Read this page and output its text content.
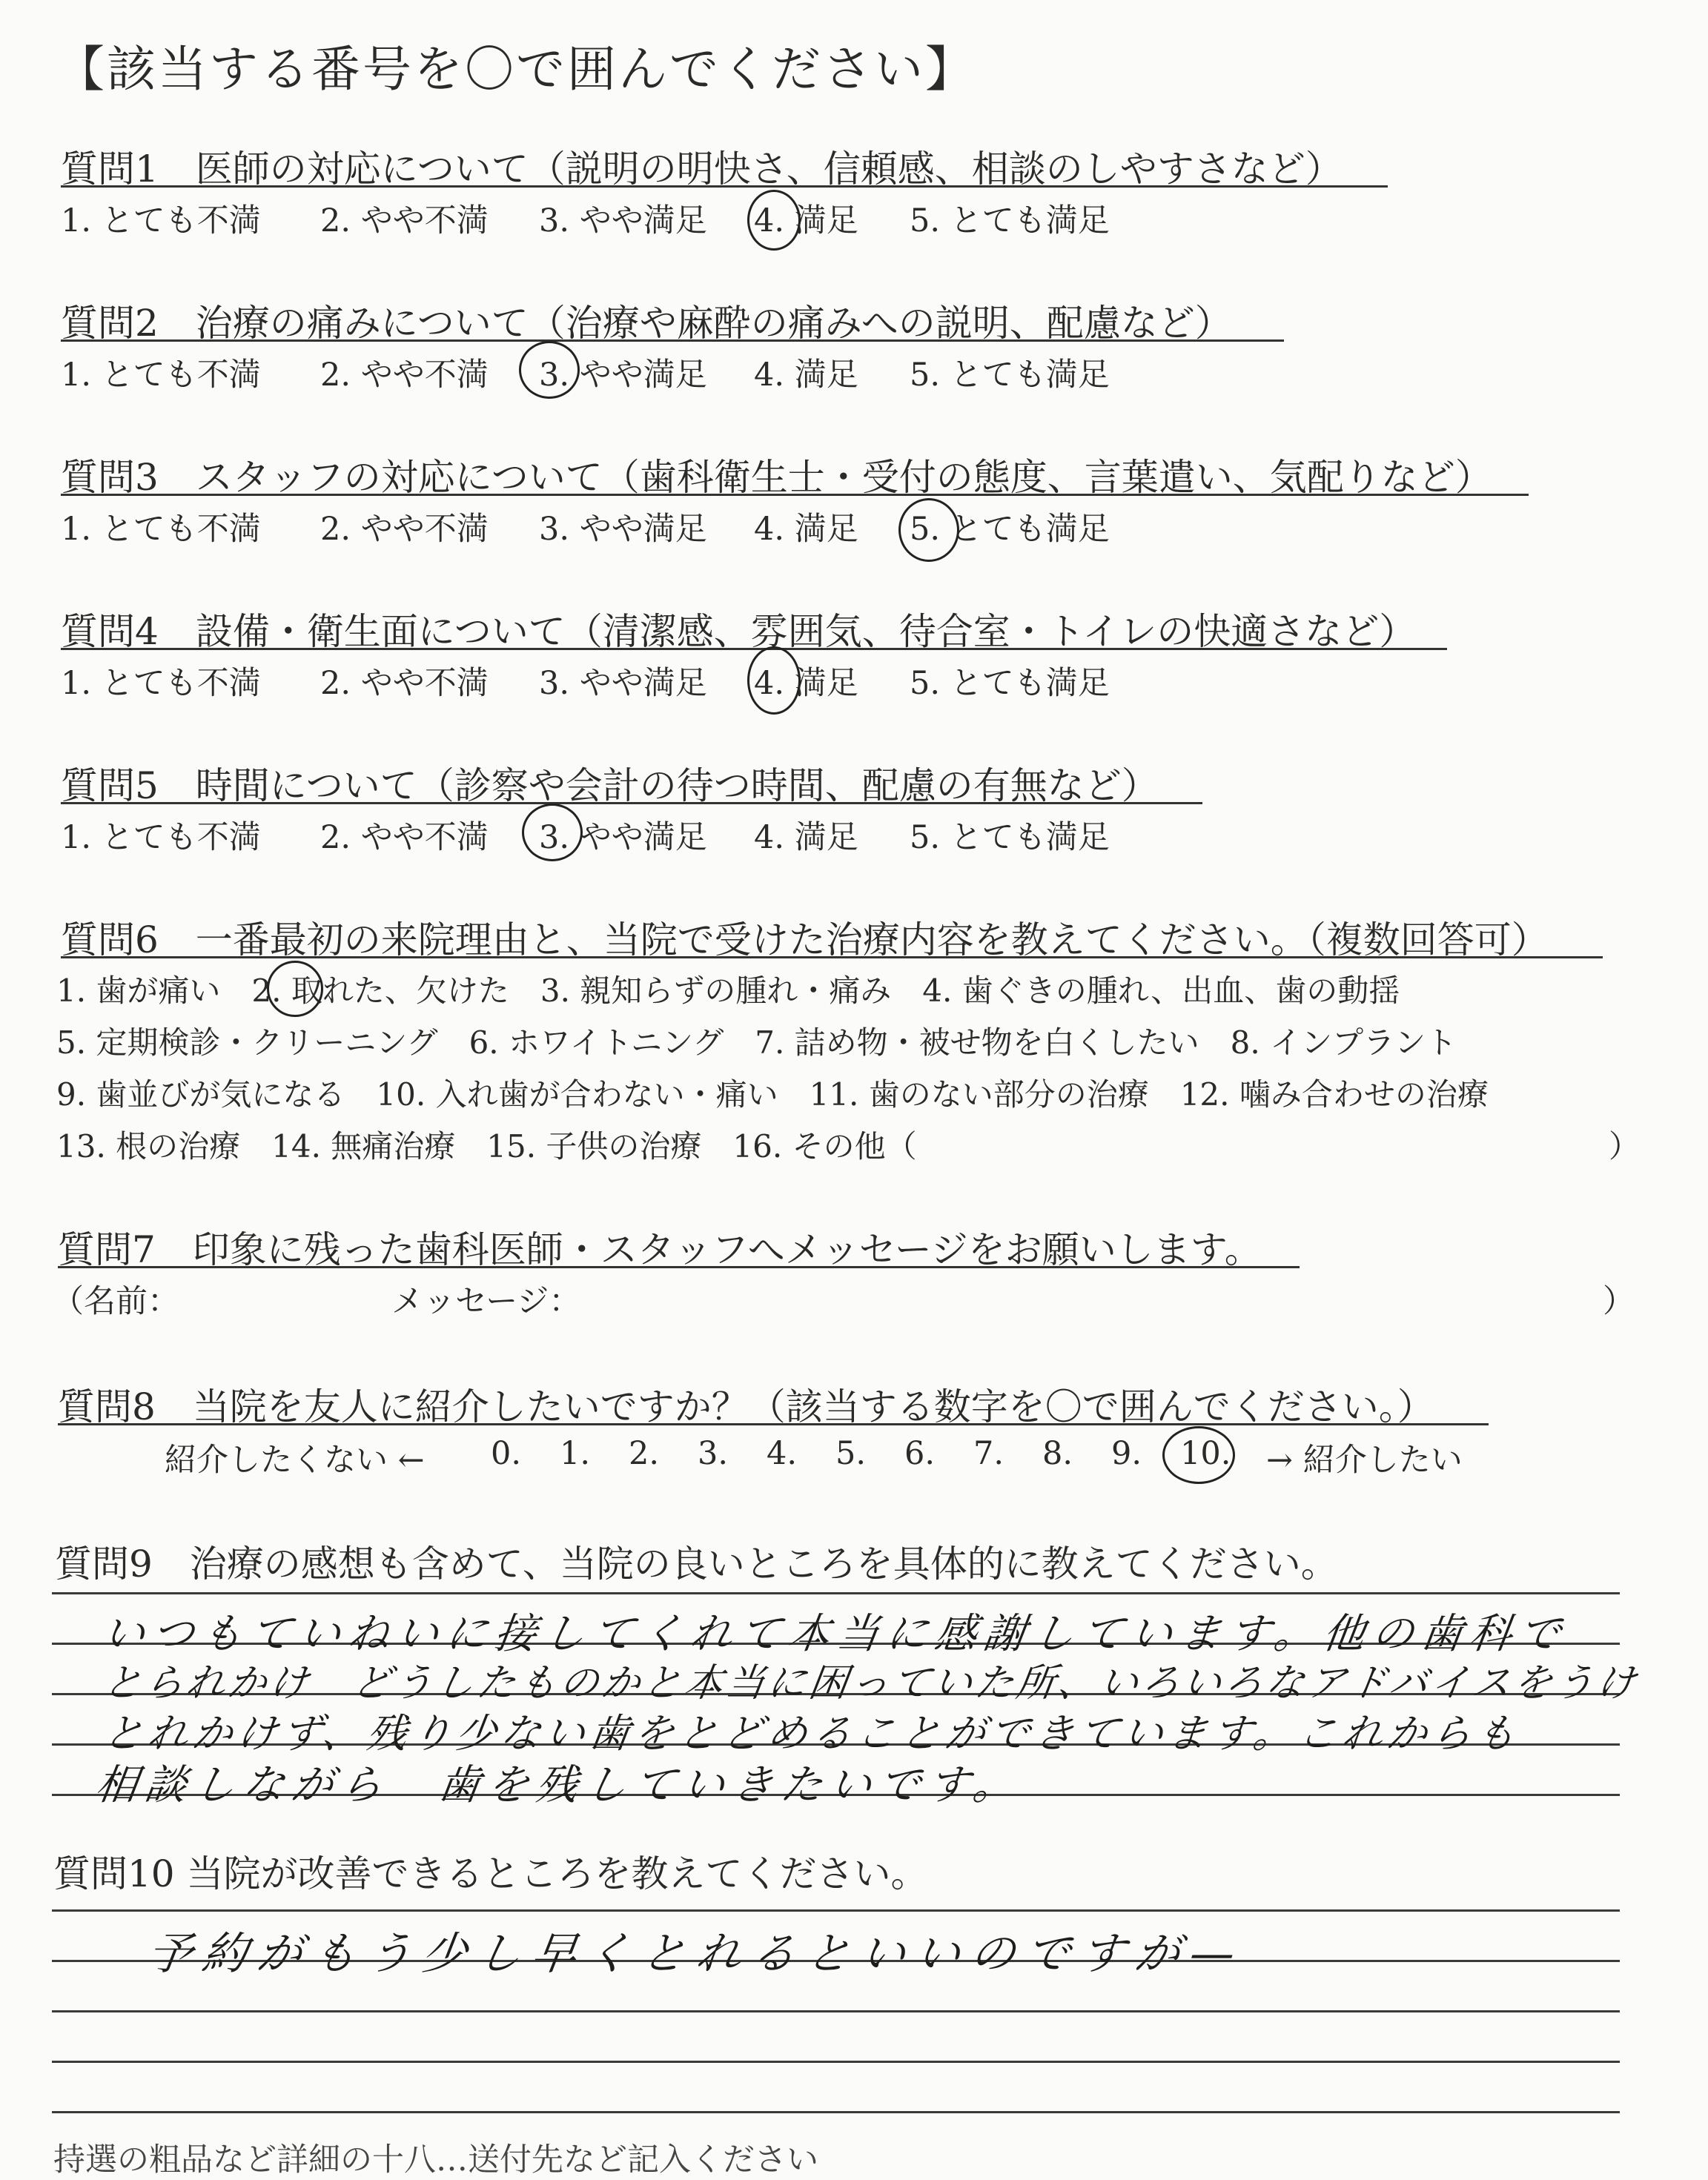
【該当する番号を〇で囲んでください】
質問1　医師の対応について（説明の明快さ、信頼感、相談のしやすさなど）
1. とても不満 2. やや不満 3. やや満足 4. 満足 5. とても満足
質問2　治療の痛みについて（治療や麻酔の痛みへの説明、配慮など）
1. とても不満 2. やや不満 3. やや満足 4. 満足 5. とても満足
質問3　スタッフの対応について（歯科衛生士・受付の態度、言葉遣い、気配りなど）
1. とても不満 2. やや不満 3. やや満足 4. 満足 5. とても満足
質問4　設備・衛生面について（清潔感、雰囲気、待合室・トイレの快適さなど）
1. とても不満 2. やや不満 3. やや満足 4. 満足 5. とても満足
質問5　時間について（診察や会計の待つ時間、配慮の有無など）
1. とても不満 2. やや不満 3. やや満足 4. 満足 5. とても満足
質問6　一番最初の来院理由と、当院で受けた治療内容を教えてください。（複数回答可）
1. 歯が痛い　2. 取れた、欠けた　3. 親知らずの腫れ・痛み　4. 歯ぐきの腫れ、出血、歯の動揺
5. 定期検診・クリーニング　6. ホワイトニング　7. 詰め物・被せ物を白くしたい　8. インプラント
9. 歯並びが気になる　10. 入れ歯が合わない・痛い　11. 歯のない部分の治療　12. 噛み合わせの治療
13. 根の治療　14. 無痛治療　15. 子供の治療　16. その他（	）
質問7　印象に残った歯科医師・スタッフへメッセージをお願いします。
（名前：	メッセージ：	）
質問8　当院を友人に紹介したいですか？（該当する数字を〇で囲んでください。）
紹介したくない ← 0. 1. 2. 3. 4. 5. 6. 7. 8. 9. 10.	→ 紹介したい
質問9　治療の感想も含めて、当院の良いところを具体的に教えてください。
いつもていねいに接してくれて本当に感謝しています。他の歯科で
とられかけ　どうしたものかと本当に困っていた所、いろいろなアドバイスをうけ
とれかけず、残り少ない歯をとどめることができています。これからも
相談しながら　歯を残していきたいです。
質問10 当院が改善できるところを教えてください。
予約がもう少し早くとれるといいのですが—
持選の粗品など詳細の十八…送付先など記入ください
